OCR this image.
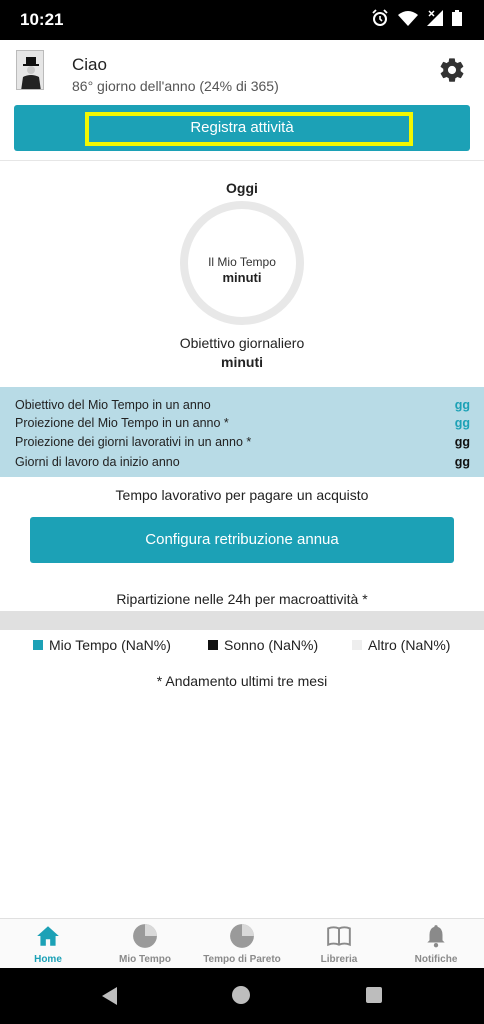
10:21
Ciao
86° giorno dell'anno (24% di 365)
Registra attività
Oggi
Il Mio Tempo
minuti
Obiettivo giornaliero
minuti
Obiettivo del Mio Tempo in un anno	gg
Proiezione del Mio Tempo in un anno *	gg
Proiezione dei giorni lavorativi in un anno *	gg
Giorni di lavoro da inizio anno	gg
Tempo lavorativo per pagare un acquisto
Configura retribuzione annua
Ripartizione nelle 24h per macroattività *
Mio Tempo (NaN%)	Sonno (NaN%)	Altro (NaN%)
* Andamento ultimi tre mesi
Home	Mio Tempo	Tempo di Pareto	Libreria	Notifiche
